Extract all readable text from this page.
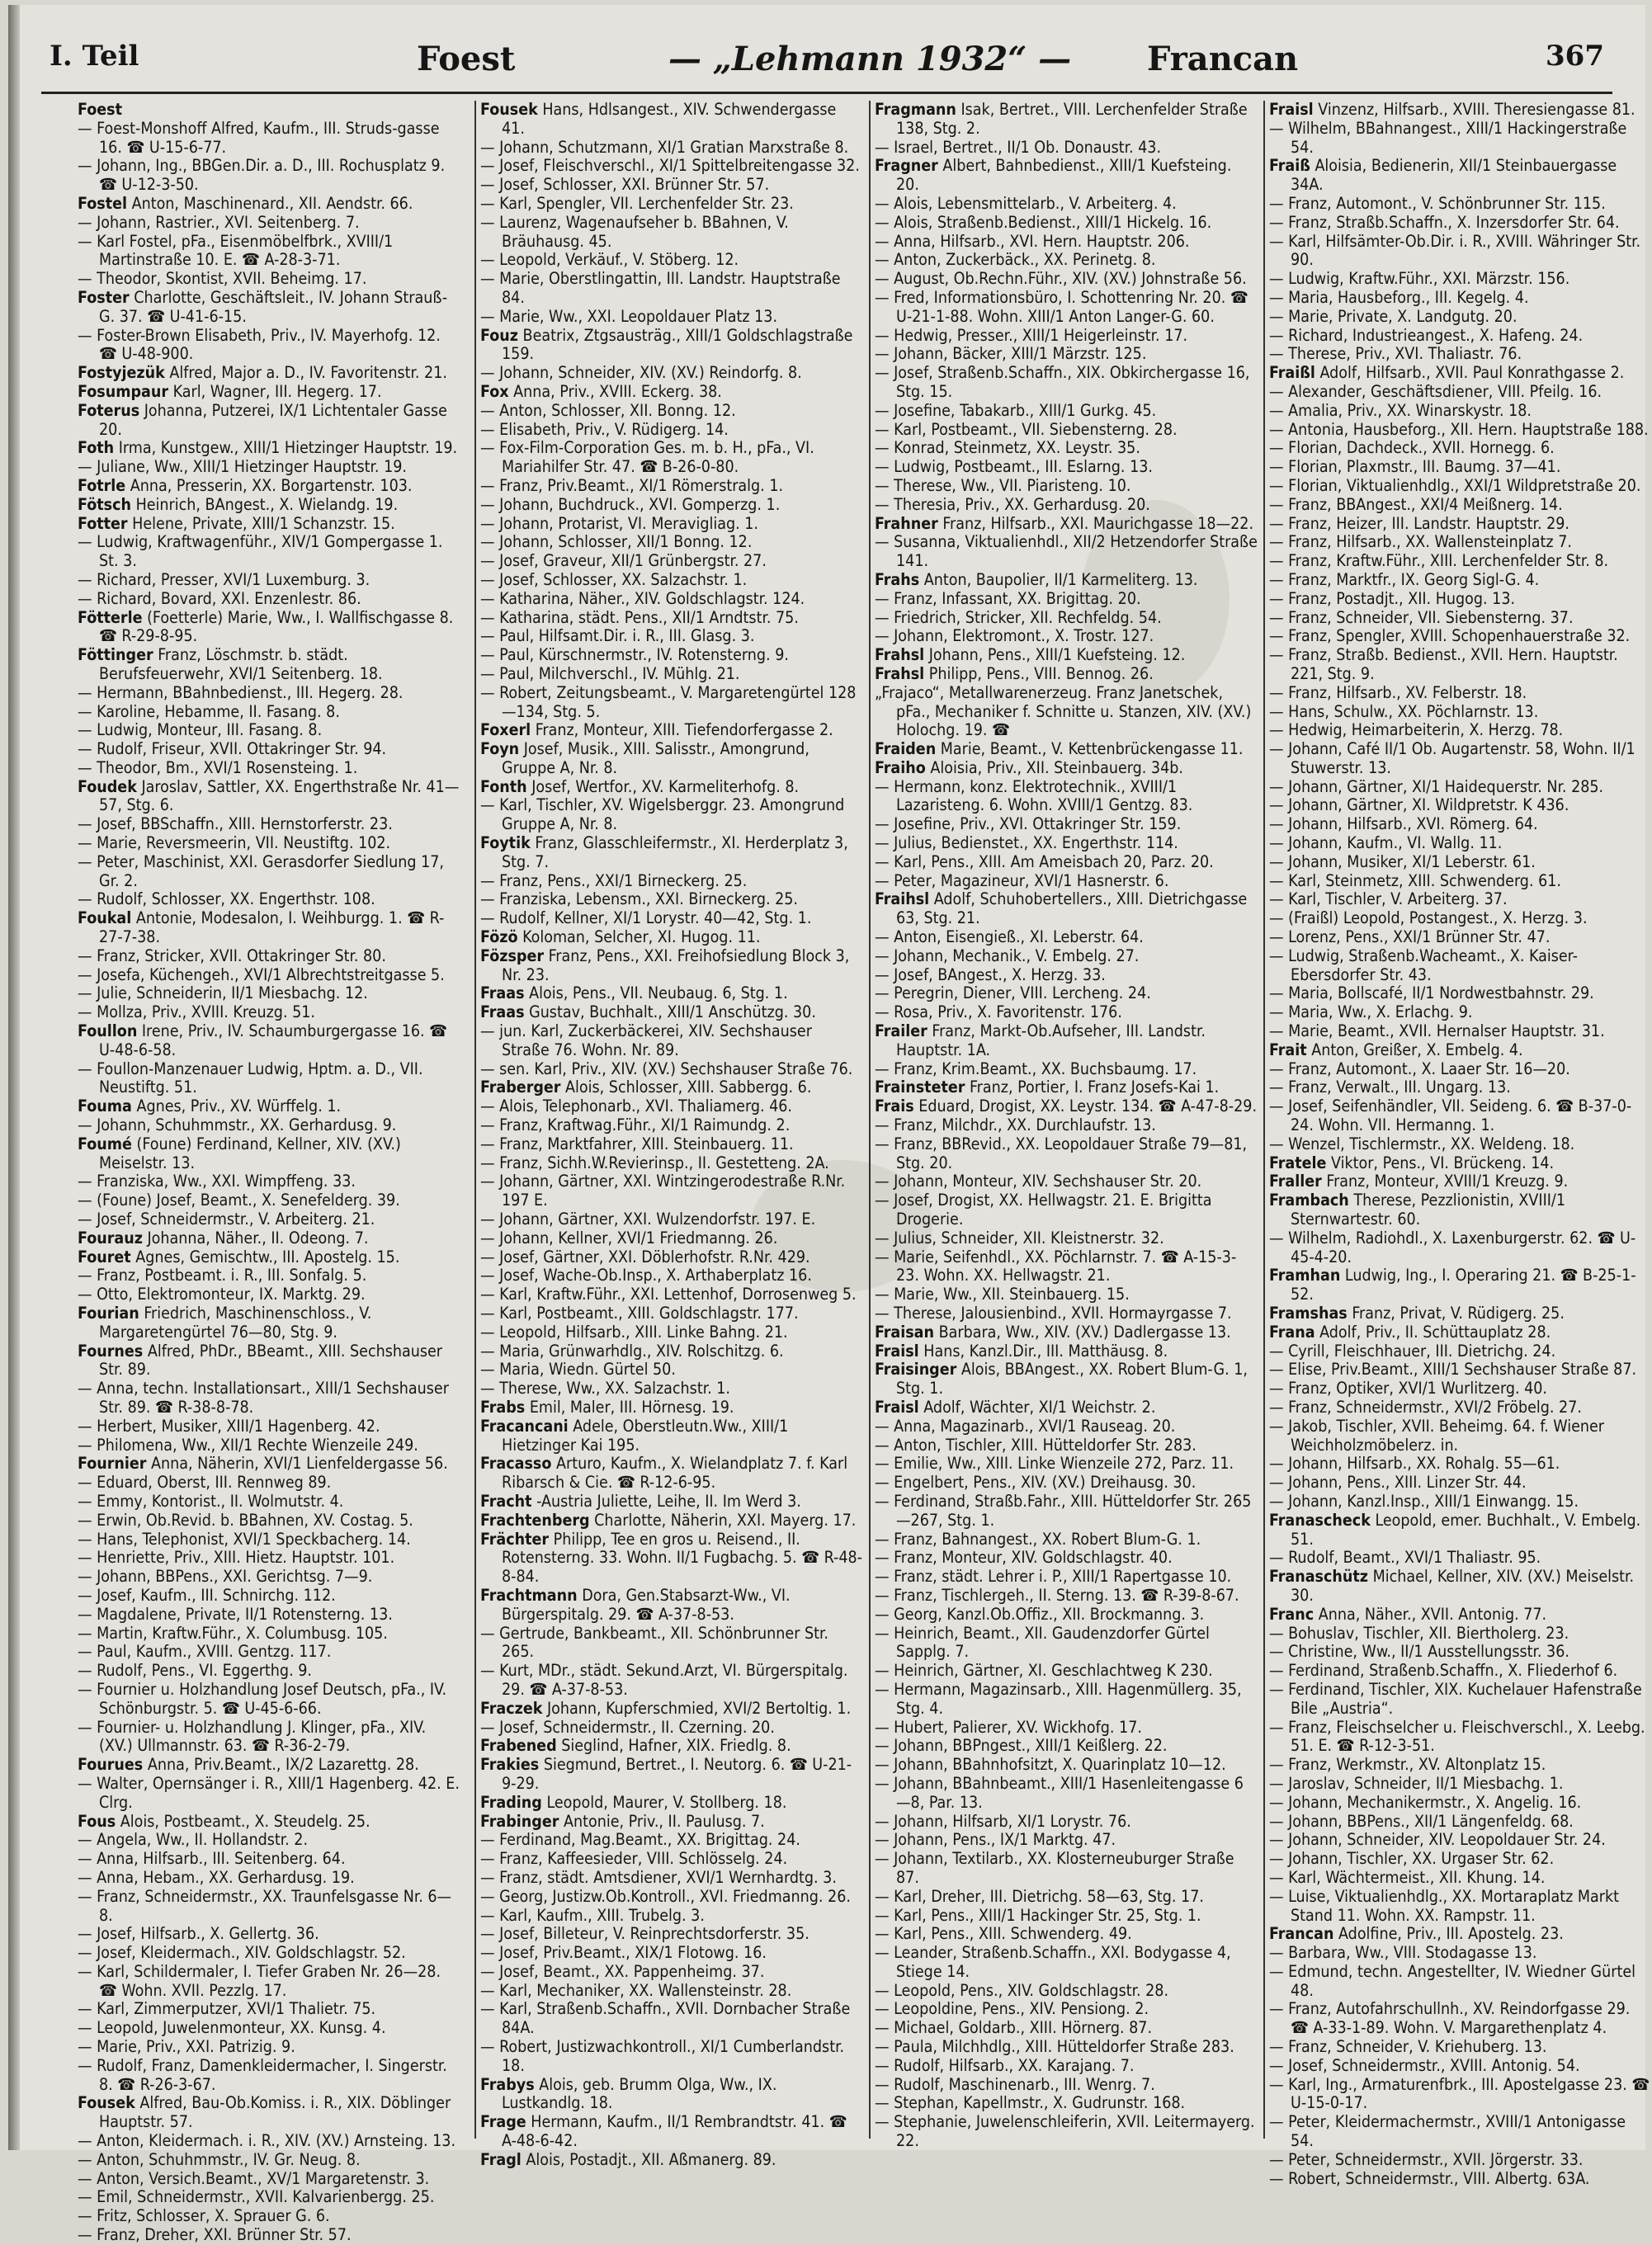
I. Teil	Foest	— „Lehmann 1932“ — Francan	367

Foest

— Foest-Monshoff Alfred, Kaufm., III. Struds-gasse 16. ☎ U-15-6-77.

— Johann, Ing., BBGen.Dir. a. D., III. Rochusplatz 9. ☎ U-12-3-50.

Fostel Anton, Maschinenard., XII. Aendstr. 66.

— Johann, Rastrier., XVI. Seitenberg. 7.

— Karl Fostel, pFa., Eisenmöbelfbrk., XVIII/1 Martinstraße 10. E. ☎ A-28-3-71.

— Theodor, Skontist, XVII. Beheimg. 17.

Foster Charlotte, Geschäftsleit., IV. Johann Strauß-G. 37. ☎ U-41-6-15.

— Foster-Brown Elisabeth, Priv., IV. Mayerhofg. 12. ☎ U-48-900.

Fostyjezük Alfred, Major a. D., IV. Favoritenstr. 21.

Fosumpaur Karl, Wagner, III. Hegerg. 17.

Foterus Johanna, Putzerei, IX/1 Lichtentaler Gasse 20.

Foth Irma, Kunstgew., XIII/1 Hietzinger Hauptstr. 19.

— Juliane, Ww., XIII/1 Hietzinger Hauptstr. 19.

Fotrle Anna, Presserin, XX. Borgartenstr. 103.

Fötsch Heinrich, BAngest., X. Wielandg. 19.

Fotter Helene, Private, XIII/1 Schanzstr. 15.

— Ludwig, Kraftwagenführ., XIV/1 Gompergasse 1. St. 3.

— Richard, Presser, XVI/1 Luxemburg. 3.

— Richard, Bovard, XXI. Enzenlestr. 86.

Fötterle (Foetterle) Marie, Ww., I. Wallfischgasse 8. ☎ R-29-8-95.

Föttinger Franz, Löschmstr. b. städt. Berufsfeuerwehr, XVI/1 Seitenberg. 18.

— Hermann, BBahnbedienst., III. Hegerg. 28.

— Karoline, Hebamme, II. Fasang. 8.

— Ludwig, Monteur, III. Fasang. 8.

— Rudolf, Friseur, XVII. Ottakringer Str. 94.

— Theodor, Bm., XVI/1 Rosensteing. 1.

Foudek Jaroslav, Sattler, XX. Engerthstraße Nr. 41—57, Stg. 6.

— Josef, BBSchaffn., XIII. Hernstorferstr. 23.

— Marie, Reversmeerin, VII. Neustiftg. 102.

— Peter, Maschinist, XXI. Gerasdorfer Siedlung 17, Gr. 2.

— Rudolf, Schlosser, XX. Engerthstr. 108.

Foukal Antonie, Modesalon, I. Weihburgg. 1. ☎ R-27-7-38.

— Franz, Stricker, XVII. Ottakringer Str. 80.

— Josefa, Küchengeh., XVI/1 Albrechtstreitgasse 5.

— Julie, Schneiderin, II/1 Miesbachg. 12.

— Mollza, Priv., XVIII. Kreuzg. 51.

Foullon Irene, Priv., IV. Schaumburgergasse 16. ☎ U-48-6-58.

— Foullon-Manzenauer Ludwig, Hptm. a. D., VII. Neustiftg. 51.

Fouma Agnes, Priv., XV. Würffelg. 1.

— Johann, Schuhmmstr., XX. Gerhardusg. 9.

Foumé (Foune) Ferdinand, Kellner, XIV. (XV.) Meiselstr. 13.

— Franziska, Ww., XXI. Wimpffeng. 33.

— (Foune) Josef, Beamt., X. Senefelderg. 39.

— Josef, Schneidermstr., V. Arbeiterg. 21.

Fourauz Johanna, Näher., II. Odeong. 7.

Fouret Agnes, Gemischtw., III. Apostelg. 15.

— Franz, Postbeamt. i. R., III. Sonfalg. 5.

— Otto, Elektromonteur, IX. Marktg. 29.

Fourian Friedrich, Maschinenschloss., V. Margaretengürtel 76—80, Stg. 9.

Fournes Alfred, PhDr., BBeamt., XIII. Sechshauser Str. 89.

— Anna, techn. Installationsart., XIII/1 Sechshauser Str. 89. ☎ R-38-8-78.

— Herbert, Musiker, XIII/1 Hagenberg. 42.

— Philomena, Ww., XII/1 Rechte Wienzeile 249.

Fournier Anna, Näherin, XVI/1 Lienfeldergasse 56.

— Eduard, Oberst, III. Rennweg 89.

— Emmy, Kontorist., II. Wolmutstr. 4.

— Erwin, Ob.Revid. b. BBahnen, XV. Costag. 5.

— Hans, Telephonist, XVI/1 Speckbacherg. 14.

— Henriette, Priv., XIII. Hietz. Hauptstr. 101.

— Johann, BBPens., XXI. Gerichtsg. 7—9.

— Josef, Kaufm., III. Schnirchg. 112.

— Magdalene, Private, II/1 Rotensterng. 13.

— Martin, Kraftw.Führ., X. Columbusg. 105.

— Paul, Kaufm., XVIII. Gentzg. 117.

— Rudolf, Pens., VI. Eggerthg. 9.

— Fournier u. Holzhandlung Josef Deutsch, pFa., IV. Schönburgstr. 5. ☎ U-45-6-66.

— Fournier- u. Holzhandlung J. Klinger, pFa., XIV. (XV.) Ullmannstr. 63. ☎ R-36-2-79.

Fourues Anna, Priv.Beamt., IX/2 Lazarettg. 28.

— Walter, Opernsänger i. R., XIII/1 Hagenberg. 42. E. Clrg.

Fous Alois, Postbeamt., X. Steudelg. 25.

— Angela, Ww., II. Hollandstr. 2.

— Anna, Hilfsarb., III. Seitenberg. 64.

— Anna, Hebam., XX. Gerhardusg. 19.

— Franz, Schneidermstr., XX. Traunfelsgasse Nr. 6—8.

— Josef, Hilfsarb., X. Gellertg. 36.

— Josef, Kleidermach., XIV. Goldschlagstr. 52.

— Karl, Schildermaler, I. Tiefer Graben Nr. 26—28. ☎ Wohn. XVII. Pezzlg. 17.

— Karl, Zimmerputzer, XVI/1 Thalietr. 75.

— Leopold, Juwelenmonteur, XX. Kunsg. 4.

— Marie, Priv., XXI. Patrizig. 9.

— Rudolf, Franz, Damenkleidermacher, I. Singerstr. 8. ☎ R-26-3-67.

Fousek Alfred, Bau-Ob.Komiss. i. R., XIX. Döblinger Hauptstr. 57.

— Anton, Kleidermach. i. R., XIV. (XV.) Arnsteing. 13.

— Anton, Schuhmmstr., IV. Gr. Neug. 8.

— Anton, Versich.Beamt., XV/1 Margaretenstr. 3.

— Emil, Schneidermstr., XVII. Kalvarienbergg. 25.

— Fritz, Schlosser, X. Sprauer G. 6.

— Franz, Dreher, XXI. Brünner Str. 57.

Fousek Hans, Hdlsangest., XIV. Schwendergasse 41.

— Johann, Schutzmann, XI/1 Gratian Marxstraße 8.

— Josef, Fleischverschl., XI/1 Spittelbreitengasse 32.

— Josef, Schlosser, XXI. Brünner Str. 57.

— Karl, Spengler, VII. Lerchenfelder Str. 23.

— Laurenz, Wagenaufseher b. BBahnen, V. Bräuhausg. 45.

— Leopold, Verkäuf., V. Stöberg. 12.

— Marie, Oberstlingattin, III. Landstr. Hauptstraße 84.

— Marie, Ww., XXI. Leopoldauer Platz 13.

Fouz Beatrix, Ztgsausträg., XIII/1 Goldschlagstraße 159.

— Johann, Schneider, XIV. (XV.) Reindorfg. 8.

Fox Anna, Priv., XVIII. Eckerg. 38.

— Anton, Schlosser, XII. Bonng. 12.

— Elisabeth, Priv., V. Rüdigerg. 14.

— Fox-Film-Corporation Ges. m. b. H., pFa., VI. Mariahilfer Str. 47. ☎ B-26-0-80.

— Franz, Priv.Beamt., XI/1 Römerstralg. 1.

— Johann, Buchdruck., XVI. Gomperzg. 1.

— Johann, Protarist, VI. Meravigliag. 1.

— Johann, Schlosser, XII/1 Bonng. 12.

— Josef, Graveur, XII/1 Grünbergstr. 27.

— Josef, Schlosser, XX. Salzachstr. 1.

— Katharina, Näher., XIV. Goldschlagstr. 124.

— Katharina, städt. Pens., XII/1 Arndtstr. 75.

— Paul, Hilfsamt.Dir. i. R., III. Glasg. 3.

— Paul, Kürschnermstr., IV. Rotensterng. 9.

— Paul, Milchverschl., IV. Mühlg. 21.

— Robert, Zeitungsbeamt., V. Margaretengürtel 128—134, Stg. 5.

Foxerl Franz, Monteur, XIII. Tiefendorfergasse 2.

Foyn Josef, Musik., XIII. Salisstr., Amongrund, Gruppe A, Nr. 8.

Fonth Josef, Wertfor., XV. Karmeliterhofg. 8.

— Karl, Tischler, XV. Wigelsberggr. 23. Amongrund Gruppe A, Nr. 8.

Foytik Franz, Glasschleifermstr., XI. Herderplatz 3, Stg. 7.

— Franz, Pens., XXI/1 Birneckerg. 25.

— Franziska, Lebensm., XXI. Birneckerg. 25.

— Rudolf, Kellner, XI/1 Lorystr. 40—42, Stg. 1.

Fözö Koloman, Selcher, XI. Hugog. 11.

Fözsper Franz, Pens., XXI. Freihofsiedlung Block 3, Nr. 23.

Fraas Alois, Pens., VII. Neubaug. 6, Stg. 1.

Fraas Gustav, Buchhalt., XIII/1 Anschützg. 30.

— jun. Karl, Zuckerbäckerei, XIV. Sechshauser Straße 76. Wohn. Nr. 89.

— sen. Karl, Priv., XIV. (XV.) Sechshauser Straße 76.

Fraberger Alois, Schlosser, XIII. Sabbergg. 6.

— Alois, Telephonarb., XVI. Thaliamerg. 46.

— Franz, Kraftwag.Führ., XI/1 Raimundg. 2.

— Franz, Marktfahrer, XIII. Steinbauerg. 11.

— Franz, Sichh.W.Revierinsp., II. Gestetteng. 2A.

— Johann, Gärtner, XXI. Wintzingerodestraße R.Nr. 197 E.

— Johann, Gärtner, XXI. Wulzendorfstr. 197. E.

— Johann, Kellner, XVI/1 Friedmanng. 26.

— Josef, Gärtner, XXI. Döblerhofstr. R.Nr. 429.

— Josef, Wache-Ob.Insp., X. Arthaberplatz 16.

— Karl, Kraftw.Führ., XXI. Lettenhof, Dorrosenweg 5.

— Karl, Postbeamt., XIII. Goldschlagstr. 177.

— Leopold, Hilfsarb., XIII. Linke Bahng. 21.

— Maria, Grünwarhdlg., XIV. Rolschitzg. 6.

— Maria, Wiedn. Gürtel 50.

— Therese, Ww., XX. Salzachstr. 1.

Frabs Emil, Maler, III. Hörnesg. 19.

Fracancani Adele, Oberstleutn.Ww., XIII/1 Hietzinger Kai 195.

Fracasso Arturo, Kaufm., X. Wielandplatz 7. f. Karl Ribarsch & Cie. ☎ R-12-6-95.

Fracht -Austria Juliette, Leihe, II. Im Werd 3.

Frachtenberg Charlotte, Näherin, XXI. Mayerg. 17.

Frächter Philipp, Tee en gros u. Reisend., II. Rotensterng. 33. Wohn. II/1 Fugbachg. 5. ☎ R-48-8-84.

Frachtmann Dora, Gen.Stabsarzt-Ww., VI. Bürgerspitalg. 29. ☎ A-37-8-53.

— Gertrude, Bankbeamt., XII. Schönbrunner Str. 265.

— Kurt, MDr., städt. Sekund.Arzt, VI. Bürgerspitalg. 29. ☎ A-37-8-53.

Fraczek Johann, Kupferschmied, XVI/2 Bertoltig. 1.

— Josef, Schneidermstr., II. Czerning. 20.

Frabened Sieglind, Hafner, XIX. Friedlg. 8.

Frakies Siegmund, Bertret., I. Neutorg. 6. ☎ U-21-9-29.

Frading Leopold, Maurer, V. Stollberg. 18.

Frabinger Antonie, Priv., II. Paulusg. 7.

— Ferdinand, Mag.Beamt., XX. Brigittag. 24.

— Franz, Kaffeesieder, VIII. Schlösselg. 24.

— Franz, städt. Amtsdiener, XVI/1 Wernhardtg. 3.

— Georg, Justizw.Ob.Kontroll., XVI. Friedmanng. 26.

— Karl, Kaufm., XIII. Trubelg. 3.

— Josef, Billeteur, V. Reinprechtsdorferstr. 35.

— Josef, Priv.Beamt., XIX/1 Flotowg. 16.

— Josef, Beamt., XX. Pappenheimg. 37.

— Karl, Mechaniker, XX. Wallensteinstr. 28.

— Karl, Straßenb.Schaffn., XVII. Dornbacher Straße 84A.

— Robert, Justizwachkontroll., XI/1 Cumberlandstr. 18.

Frabys Alois, geb. Brumm Olga, Ww., IX. Lustkandlg. 18.

Frage Hermann, Kaufm., II/1 Rembrandtstr. 41. ☎ A-48-6-42.

Fragl Alois, Postadjt., XII. Aßmanerg. 89.

Fragmann Isak, Bertret., VIII. Lerchenfelder Straße 138, Stg. 2.

— Israel, Bertret., II/1 Ob. Donaustr. 43.

Fragner Albert, Bahnbedienst., XIII/1 Kuefsteing. 20.

— Alois, Lebensmittelarb., V. Arbeiterg. 4.

— Alois, Straßenb.Bedienst., XIII/1 Hickelg. 16.

— Anna, Hilfsarb., XVI. Hern. Hauptstr. 206.

— Anton, Zuckerbäck., XX. Perinetg. 8.

— August, Ob.Rechn.Führ., XIV. (XV.) Johnstraße 56.

— Fred, Informationsbüro, I. Schottenring Nr. 20. ☎ U-21-1-88. Wohn. XIII/1 Anton Langer-G. 60.

— Hedwig, Presser., XIII/1 Heigerleinstr. 17.

— Johann, Bäcker, XIII/1 Märzstr. 125.

— Josef, Straßenb.Schaffn., XIX. Obkirchergasse 16, Stg. 15.

— Josefine, Tabakarb., XIII/1 Gurkg. 45.

— Karl, Postbeamt., VII. Siebensterng. 28.

— Konrad, Steinmetz, XX. Leystr. 35.

— Ludwig, Postbeamt., III. Eslarng. 13.

— Therese, Ww., VII. Piaristeng. 10.

— Theresia, Priv., XX. Gerhardusg. 20.

Frahner Franz, Hilfsarb., XXI. Maurichgasse 18—22.

— Susanna, Viktualienhdl., XII/2 Hetzendorfer Straße 141.

Frahs Anton, Baupolier, II/1 Karmeliterg. 13.

— Franz, Infassant, XX. Brigittag. 20.

— Friedrich, Stricker, XII. Rechfeldg. 54.

— Johann, Elektromont., X. Trostr. 127.

Frahsl Johann, Pens., XIII/1 Kuefsteing. 12.

Frahsl Philipp, Pens., VIII. Bennog. 26.

„Frajaco“, Metallwarenerzeug. Franz Janetschek, pFa., Mechaniker f. Schnitte u. Stanzen, XIV. (XV.) Holochg. 19. ☎

Fraiden Marie, Beamt., V. Kettenbrückengasse 11.

Fraiho Aloisia, Priv., XII. Steinbauerg. 34b.

— Hermann, konz. Elektrotechnik., XVIII/1 Lazaristeng. 6. Wohn. XVIII/1 Gentzg. 83.

— Josefine, Priv., XVI. Ottakringer Str. 159.

— Julius, Bedienstet., XX. Engerthstr. 114.

— Karl, Pens., XIII. Am Ameisbach 20, Parz. 20.

— Peter, Magazineur, XVI/1 Hasnerstr. 6.

Fraihsl Adolf, Schuhobertellers., XIII. Dietrichgasse 63, Stg. 21.

— Anton, Eisengieß., XI. Leberstr. 64.

— Johann, Mechanik., V. Embelg. 27.

— Josef, BAngest., X. Herzg. 33.

— Peregrin, Diener, VIII. Lercheng. 24.

— Rosa, Priv., X. Favoritenstr. 176.

Frailer Franz, Markt-Ob.Aufseher, III. Landstr. Hauptstr. 1A.

— Franz, Krim.Beamt., XX. Buchsbaumg. 17.

Frainsteter Franz, Portier, I. Franz Josefs-Kai 1.

Frais Eduard, Drogist, XX. Leystr. 134. ☎ A-47-8-29.

— Franz, Milchdr., XX. Durchlaufstr. 13.

— Franz, BBRevid., XX. Leopoldauer Straße 79—81, Stg. 20.

— Johann, Monteur, XIV. Sechshauser Str. 20.

— Josef, Drogist, XX. Hellwagstr. 21. E. Brigitta Drogerie.

— Julius, Schneider, XII. Kleistnerstr. 32.

— Marie, Seifenhdl., XX. Pöchlarnstr. 7. ☎ A-15-3-23. Wohn. XX. Hellwagstr. 21.

— Marie, Ww., XII. Steinbauerg. 15.

— Therese, Jalousienbind., XVII. Hormayrgasse 7.

Fraisan Barbara, Ww., XIV. (XV.) Dadlergasse 13.

Fraisl Hans, Kanzl.Dir., III. Matthäusg. 8.

Fraisinger Alois, BBAngest., XX. Robert Blum-G. 1, Stg. 1.

Fraisl Adolf, Wächter, XI/1 Weichstr. 2.

— Anna, Magazinarb., XVI/1 Rauseag. 20.

— Anton, Tischler, XIII. Hütteldorfer Str. 283.

— Emilie, Ww., XIII. Linke Wienzeile 272, Parz. 11.

— Engelbert, Pens., XIV. (XV.) Dreihausg. 30.

— Ferdinand, Straßb.Fahr., XIII. Hütteldorfer Str. 265—267, Stg. 1.

— Franz, Bahnangest., XX. Robert Blum-G. 1.

— Franz, Monteur, XIV. Goldschlagstr. 40.

— Franz, städt. Lehrer i. P., XIII/1 Rapertgasse 10.

— Franz, Tischlergeh., II. Sterng. 13. ☎ R-39-8-67.

— Georg, Kanzl.Ob.Offiz., XII. Brockmanng. 3.

— Heinrich, Beamt., XII. Gaudenzdorfer Gürtel Sapplg. 7.

— Heinrich, Gärtner, XI. Geschlachtweg K 230.

— Hermann, Magazinsarb., XIII. Hagenmüllerg. 35, Stg. 4.

— Hubert, Palierer, XV. Wickhofg. 17.

— Johann, BBPngest., XIII/1 Keißlerg. 22.

— Johann, BBahnhofsitzt, X. Quarinplatz 10—12.

— Johann, BBahnbeamt., XIII/1 Hasenleitengasse 6—8, Par. 13.

— Johann, Hilfsarb, XI/1 Lorystr. 76.

— Johann, Pens., IX/1 Marktg. 47.

— Johann, Textilarb., XX. Klosterneuburger Straße 87.

— Karl, Dreher, III. Dietrichg. 58—63, Stg. 17.

— Karl, Pens., XIII/1 Hackinger Str. 25, Stg. 1.

— Karl, Pens., XIII. Schwenderg. 49.

— Leander, Straßenb.Schaffn., XXI. Bodygasse 4, Stiege 14.

— Leopold, Pens., XIV. Goldschlagstr. 28.

— Leopoldine, Pens., XIV. Pensiong. 2.

— Michael, Goldarb., XIII. Hörnerg. 87.

— Paula, Milchhdlg., XIII. Hütteldorfer Straße 283.

— Rudolf, Hilfsarb., XX. Karajang. 7.

— Rudolf, Maschinenarb., III. Wenrg. 7.

— Stephan, Kapellmstr., X. Gudrunstr. 168.

— Stephanie, Juwelenschleiferin, XVII. Leitermayerg. 22.

Fraisl Vinzenz, Hilfsarb., XVIII. Theresiengasse 81.

— Wilhelm, BBahnangest., XIII/1 Hackingerstraße 54.

Fraiß Aloisia, Bedienerin, XII/1 Steinbauergasse 34A.

— Franz, Automont., V. Schönbrunner Str. 115.

— Franz, Straßb.Schaffn., X. Inzersdorfer Str. 64.

— Karl, Hilfsämter-Ob.Dir. i. R., XVIII. Währinger Str. 90.

— Ludwig, Kraftw.Führ., XXI. Märzstr. 156.

— Maria, Hausbeforg., III. Kegelg. 4.

— Marie, Private, X. Landgutg. 20.

— Richard, Industrieangest., X. Hafeng. 24.

— Therese, Priv., XVI. Thaliastr. 76.

Fraißl Adolf, Hilfsarb., XVII. Paul Konrathgasse 2.

— Alexander, Geschäftsdiener, VIII. Pfeilg. 16.

— Amalia, Priv., XX. Winarskystr. 18.

— Antonia, Hausbeforg., XII. Hern. Hauptstraße 188.

— Florian, Dachdeck., XVII. Hornegg. 6.

— Florian, Plaxmstr., III. Baumg. 37—41.

— Florian, Viktualienhdlg., XXI/1 Wildpretstraße 20.

— Franz, BBAngest., XXI/4 Meißnerg. 14.

— Franz, Heizer, III. Landstr. Hauptstr. 29.

— Franz, Hilfsarb., XX. Wallensteinplatz 7.

— Franz, Kraftw.Führ., XIII. Lerchenfelder Str. 8.

— Franz, Marktfr., IX. Georg Sigl-G. 4.

— Franz, Postadjt., XII. Hugog. 13.

— Franz, Schneider, VII. Siebensterng. 37.

— Franz, Spengler, XVIII. Schopenhauerstraße 32.

— Franz, Straßb. Bedienst., XVII. Hern. Hauptstr. 221, Stg. 9.

— Franz, Hilfsarb., XV. Felberstr. 18.

— Hans, Schulw., XX. Pöchlarnstr. 13.

— Hedwig, Heimarbeiterin, X. Herzg. 78.

— Johann, Café II/1 Ob. Augartenstr. 58, Wohn. II/1 Stuwerstr. 13.

— Johann, Gärtner, XI/1 Haidequerstr. Nr. 285.

— Johann, Gärtner, XI. Wildpretstr. K 436.

— Johann, Hilfsarb., XVI. Römerg. 64.

— Johann, Kaufm., VI. Wallg. 11.

— Johann, Musiker, XI/1 Leberstr. 61.

— Karl, Steinmetz, XIII. Schwenderg. 61.

— Karl, Tischler, V. Arbeiterg. 37.

— (Fraißl) Leopold, Postangest., X. Herzg. 3.

— Lorenz, Pens., XXI/1 Brünner Str. 47.

— Ludwig, Straßenb.Wacheamt., X. Kaiser-Ebersdorfer Str. 43.

— Maria, Bollscafé, II/1 Nordwestbahnstr. 29.

— Maria, Ww., X. Erlachg. 9.

— Marie, Beamt., XVII. Hernalser Hauptstr. 31.

Frait Anton, Greißer, X. Embelg. 4.

— Franz, Automont., X. Laaer Str. 16—20.

— Franz, Verwalt., III. Ungarg. 13.

— Josef, Seifenhändler, VII. Seideng. 6. ☎ B-37-0-24. Wohn. VII. Hermanng. 1.

— Wenzel, Tischlermstr., XX. Weldeng. 18.

Fratele Viktor, Pens., VI. Brückeng. 14.

Fraller Franz, Monteur, XVIII/1 Kreuzg. 9.

Frambach Therese, Pezzlionistin, XVIII/1 Sternwartestr. 60.

— Wilhelm, Radiohdl., X. Laxenburgerstr. 62. ☎ U-45-4-20.

Framhan Ludwig, Ing., I. Operaring 21. ☎ B-25-1-52.

Framshas Franz, Privat, V. Rüdigerg. 25.

Frana Adolf, Priv., II. Schüttauplatz 28.

— Cyrill, Fleischhauer, III. Dietrichg. 24.

— Elise, Priv.Beamt., XIII/1 Sechshauser Straße 87.

— Franz, Optiker, XVI/1 Wurlitzerg. 40.

— Franz, Schneidermstr., XVI/2 Fröbelg. 27.

— Jakob, Tischler, XVII. Beheimg. 64. f. Wiener Weichholzmöbelerz. in.

— Johann, Hilfsarb., XX. Rohalg. 55—61.

— Johann, Pens., XIII. Linzer Str. 44.

— Johann, Kanzl.Insp., XIII/1 Einwangg. 15.

Franascheck Leopold, emer. Buchhalt., V. Embelg. 51.

— Rudolf, Beamt., XVI/1 Thaliastr. 95.

Franaschütz Michael, Kellner, XIV. (XV.) Meiselstr. 30.

Franc Anna, Näher., XVII. Antonig. 77.

— Bohuslav, Tischler, XII. Biertholerg. 23.

— Christine, Ww., II/1 Ausstellungsstr. 36.

— Ferdinand, Straßenb.Schaffn., X. Fliederhof 6.

— Ferdinand, Tischler, XIX. Kuchelauer Hafenstraße Bile „Austria“.

— Franz, Fleischselcher u. Fleischverschl., X. Leebg. 51. E. ☎ R-12-3-51.

— Franz, Werkmstr., XV. Altonplatz 15.

— Jaroslav, Schneider, II/1 Miesbachg. 1.

— Johann, Mechanikermstr., X. Angelig. 16.

— Johann, BBPens., XII/1 Längenfeldg. 68.

— Johann, Schneider, XIV. Leopoldauer Str. 24.

— Johann, Tischler, XX. Urgaser Str. 62.

— Karl, Wächtermeist., XII. Khung. 14.

— Luise, Viktualienhdlg., XX. Mortaraplatz Markt Stand 11. Wohn. XX. Rampstr. 11.

Francan Adolfine, Priv., III. Apostelg. 23.

— Barbara, Ww., VIII. Stodagasse 13.

— Edmund, techn. Angestellter, IV. Wiedner Gürtel 48.

— Franz, Autofahrschullnh., XV. Reindorfgasse 29. ☎ A-33-1-89. Wohn. V. Margarethenplatz 4.

— Franz, Schneider, V. Kriehuberg. 13.

— Josef, Schneidermstr., XVIII. Antonig. 54.

— Karl, Ing., Armaturenfbrk., III. Apostelgasse 23. ☎ U-15-0-17.

— Peter, Kleidermachermstr., XVIII/1 Antonigasse 54.

— Peter, Schneidermstr., XVII. Jörgerstr. 33.

— Robert, Schneidermstr., VIII. Albertg. 63A.
